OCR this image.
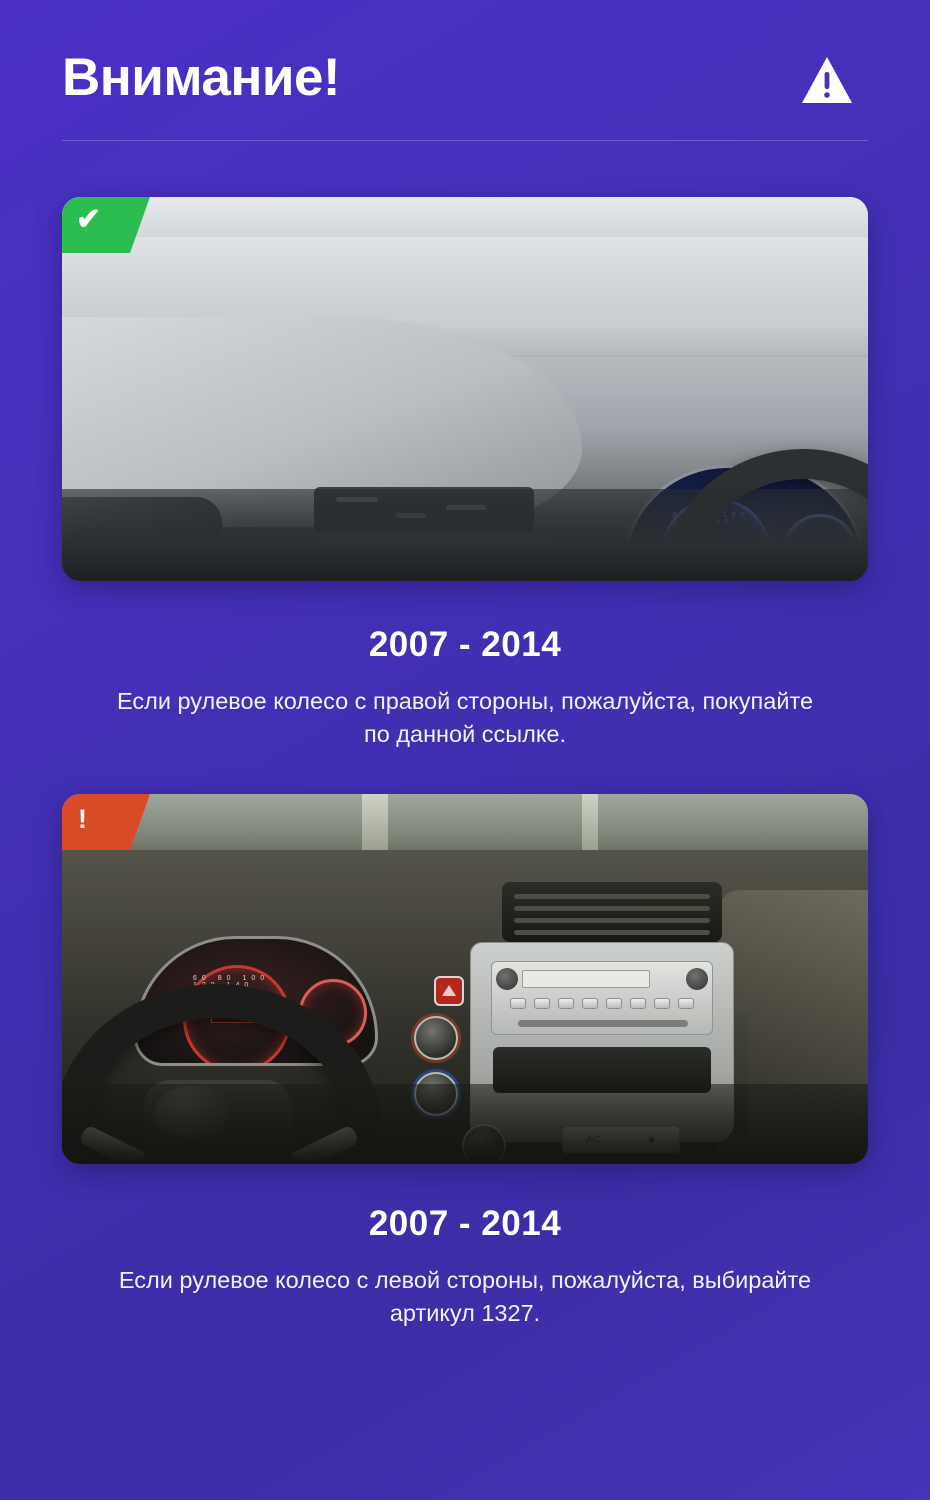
Внимание!
✔
2007 - 2014
Если рулевое колесо с правой стороны, пожалуйста, покупайте по данной ссылке.
60 80 100 120 140
!
2007 - 2014
Если рулевое колесо с левой стороны, пожалуйста, выбирайте артикул 1327.
